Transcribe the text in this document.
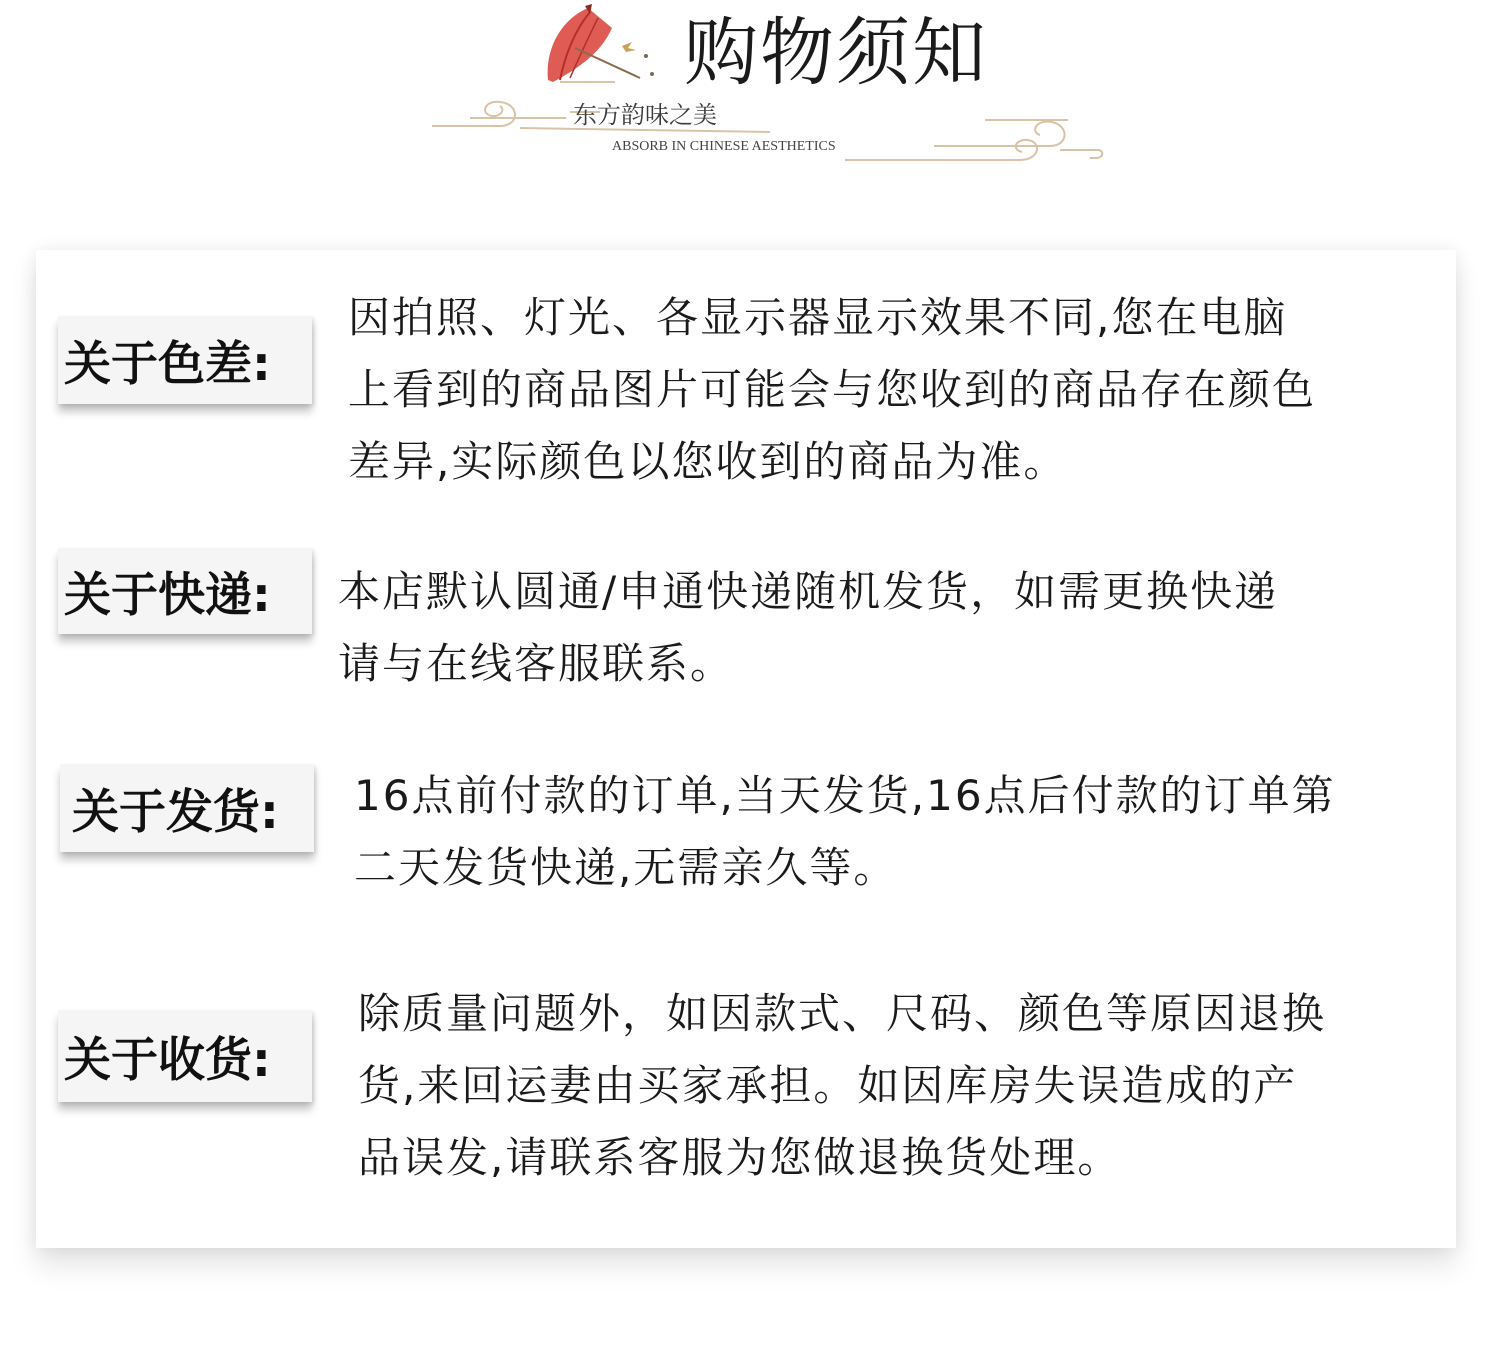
购物须知
东方韵味之美
ABSORB IN CHINESE AESTHETICS
关于色差:
因拍照、灯光、各显示器显示效果不同,您在电脑
上看到的商品图片可能会与您收到的商品存在颜色
差异,实际颜色以您收到的商品为准。
关于快递:	本店默认圆通/申通快递随机发货，如需更换快递
请与在线客服联系。
关于发货:	16点前付款的订单,当天发货,16点后付款的订单第
二天发货快递,无需亲久等。
关于收货:
除质量问题外，如因款式、尺码、颜色等原因退换
货,来回运妻由买家承担。如因库房失误造成的产
品误发,请联系客服为您做退换货处理。
